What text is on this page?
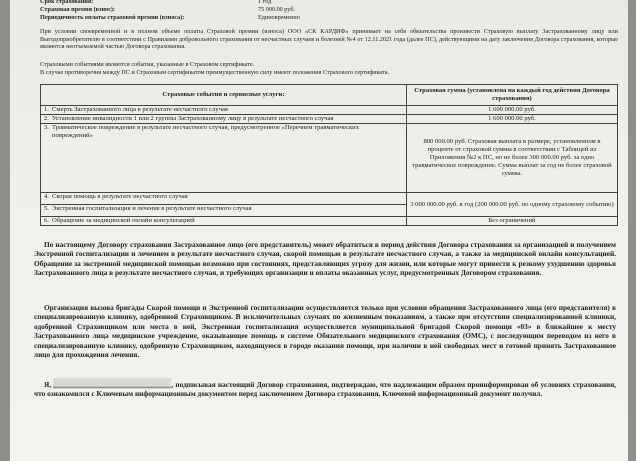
Срок страхования:	1 год
Страховая премия (взнос):	75 000.00 руб.
Периодичность оплаты страховой премии (взноса):	Единовременно
При условии своевременной и в полном объеме оплаты Страховой премии (взноса) ООО «СК КАРДИФ» принимает на себя обязательства произвести Страховую выплату Застрахованному лицу или Выгодоприобретателю в соответствии с Правилами добровольного страхования от несчастных случаев и болезней №4 от 12.11.2021 года (далее ПС), действующими на дату заключения Договора страхования, которые являются неотъемлемой частью Договора страхования.
Страховыми событиями являются события, указанные в Страховом сертификате.
В случае противоречия между ПС и Страховым сертификатом преимущественную силу имеют положения Страхового сертификата.
Страховые события и сервисные услуги:	Страховая сумма (установлена на каждый год действия Договора страхования)
1. Смерть Застрахованного лица в результате несчастного случая	1 600 000.00 руб.
2. Установление инвалидности 1 или 2 группы Застрахованному лицу в результате несчастного случая	1 600 000.00 руб.
3. Травматическое повреждение в результате несчастного случая, предусмотренное «Перечнем травматических повреждений»	800 000.00 руб. Страховая выплата в размере, установленном в проценте от страховой суммы в соответствии с Таблицей из Приложения №2 к ПС, но не более 300 000.00 руб. за одно травматическое повреждение. Сумма выплат за год не более страховой суммы.
4. Скорая помощь в результате несчастного случая	3 000 000.00 руб. в год (200 000.00 руб. по одному страховому событию)
5. Экстренная госпитализация и лечение в результате несчастного случая	
6. Обращение за медицинской онлайн консультацией	Без ограничений
По настоящему Договору страхования Застрахованное лицо (его представитель) может обратиться в период действия Договора страхования за организацией и получением Экстренной госпитализации и лечением в результате несчастного случая, скорой помощью в результате несчастного случая, а также за медицинской онлайн консультацией. Обращение за экстренной медицинской помощью возможно при состояниях, представляющих угрозу для жизни, или которые могут привести к резкому ухудшению здоровья Застрахованного лица в результате несчастного случая, и требующих организации и оплаты оказанных услуг, предусмотренных Договором страхования.
Организация вызова бригады Скорой помощи и Экстренной госпитализации осуществляется только при условии обращения Застрахованного лица (его представителя) в специализированную клинику, одобренной Страховщиком. В исключительных случаях по жизненным показаниям, а также при отсутствии специализированной клиники, одобренной Страховщиком или места в ней, Экстренная госпитализация осуществляется муниципальной бригадой Скорой помощи «03» в ближайшее к месту Застрахованного лица медицинское учреждение, оказывающее помощь в системе Обязательного медицинского страхования (ОМС), с последующим переводом из него в специализированную клинику, одобренную Страховщиком, находящуюся в городе оказания помощи, при наличии в ней свободных мест и готовой принять Застрахованное лицо для прохождения лечения.
Я,	, подписывая настоящий Договор страхования, подтверждаю, что надлежащим образом проинформирован об условиях страхования, что ознакомился с Ключевым информационным документом перед заключением Договора страхования. Ключевой информационный документ получил.
